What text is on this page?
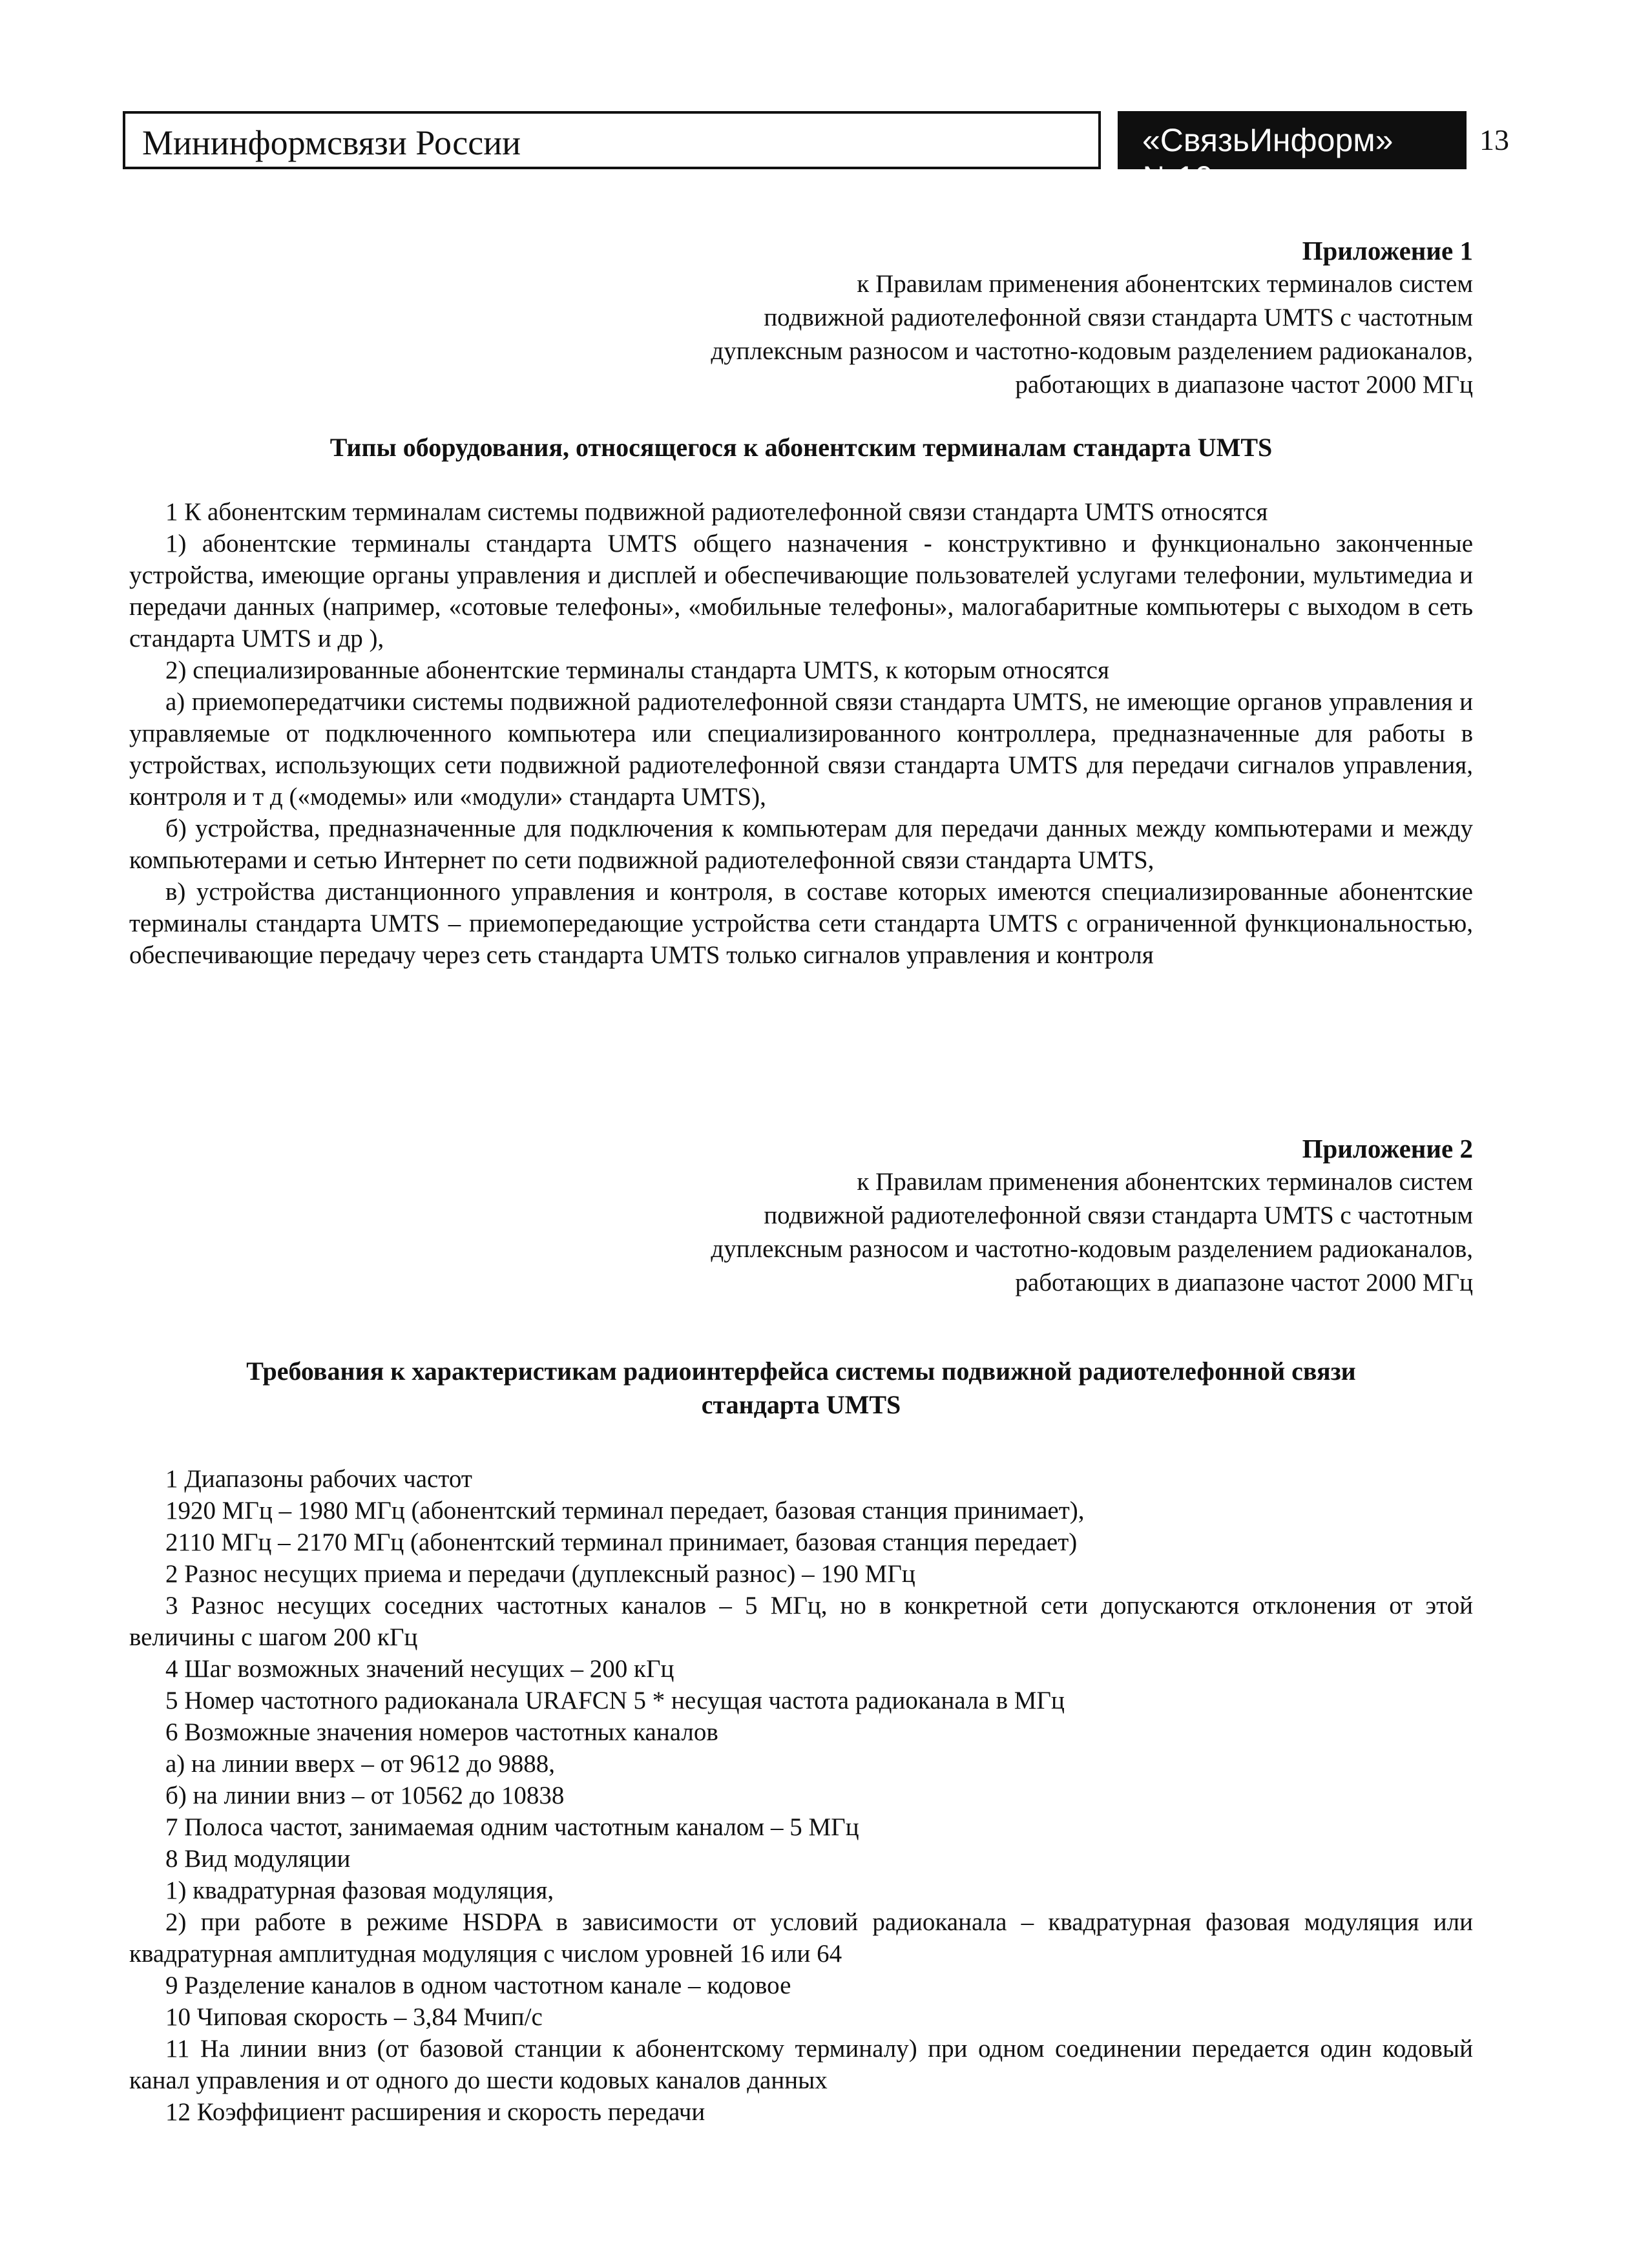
Мининформсвязи России	«СвязьИнформ» №10
13
Приложение 1
к Правилам применения абонентских терминалов систем
подвижной радиотелефонной связи стандарта UMTS с частотным
дуплексным разносом и частотно-кодовым разделением радиоканалов,
работающих в диапазоне частот 2000 МГц
Типы оборудования, относящегося к абонентским терминалам стандарта UMTS
1 К абонентским терминалам системы подвижной радиотелефонной связи стандарта UMTS относятся
1) абонентские терминалы стандарта UMTS общего назначения - конструктивно и функционально законченные устройства, имеющие органы управления и дисплей и обеспечивающие пользователей услугами телефонии, мультимедиа и передачи данных (например, «сотовые телефоны», «мобильные телефоны», малогабаритные компьютеры с выходом в сеть стандарта UMTS и др ),
2) специализированные абонентские терминалы стандарта UMTS, к которым относятся
а) приемопередатчики системы подвижной радиотелефонной связи стандарта UMTS, не имеющие органов управления и управляемые от подключенного компьютера или специализированного контроллера, предназначенные для работы в устройствах, использующих сети подвижной радиотелефонной связи стандарта UMTS для передачи сигналов управления, контроля и т д («модемы» или «модули» стандарта UMTS),
б) устройства, предназначенные для подключения к компьютерам для передачи данных между компьютерами и между компьютерами и сетью Интернет по сети подвижной радиотелефонной связи стандарта UMTS,
в) устройства дистанционного управления и контроля, в составе которых имеются специализированные абонентские терминалы стандарта UMTS – приемопередающие устройства сети стандарта UMTS с ограниченной функциональностью, обеспечивающие передачу через сеть стандарта UMTS только сигналов управления и контроля
Приложение 2
к Правилам применения абонентских терминалов систем
подвижной радиотелефонной связи стандарта UMTS с частотным
дуплексным разносом и частотно-кодовым разделением радиоканалов,
работающих в диапазоне частот 2000 МГц
Требования к характеристикам радиоинтерфейса системы подвижной радиотелефонной связи
стандарта UMTS
1 Диапазоны рабочих частот
1920 МГц – 1980 МГц (абонентский терминал передает, базовая станция принимает),
2110 МГц – 2170 МГц (абонентский терминал принимает, базовая станция передает)
2 Разнос несущих приема и передачи (дуплексный разнос) – 190 МГц
3 Разнос несущих соседних частотных каналов – 5 МГц, но в конкретной сети допускаются отклонения от этой величины с шагом 200 кГц
4 Шаг возможных значений несущих – 200 кГц
5 Номер частотного радиоканала URAFCN 5 * несущая частота радиоканала в МГц
6 Возможные значения номеров частотных каналов
а) на линии вверх – от 9612 до 9888,
б) на линии вниз – от 10562 до 10838
7 Полоса частот, занимаемая одним частотным каналом – 5 МГц
8 Вид модуляции
1) квадратурная фазовая модуляция,
2) при работе в режиме HSDPA в зависимости от условий радиоканала – квадратурная фазовая модуляция или квадратурная амплитудная модуляция с числом уровней 16 или 64
9 Разделение каналов в одном частотном канале – кодовое
10 Чиповая скорость – 3,84 Мчип/с
11 На линии вниз (от базовой станции к абонентскому терминалу) при одном соединении передается один кодовый канал управления и от одного до шести кодовых каналов данных
12 Коэффициент расширения и скорость передачи
